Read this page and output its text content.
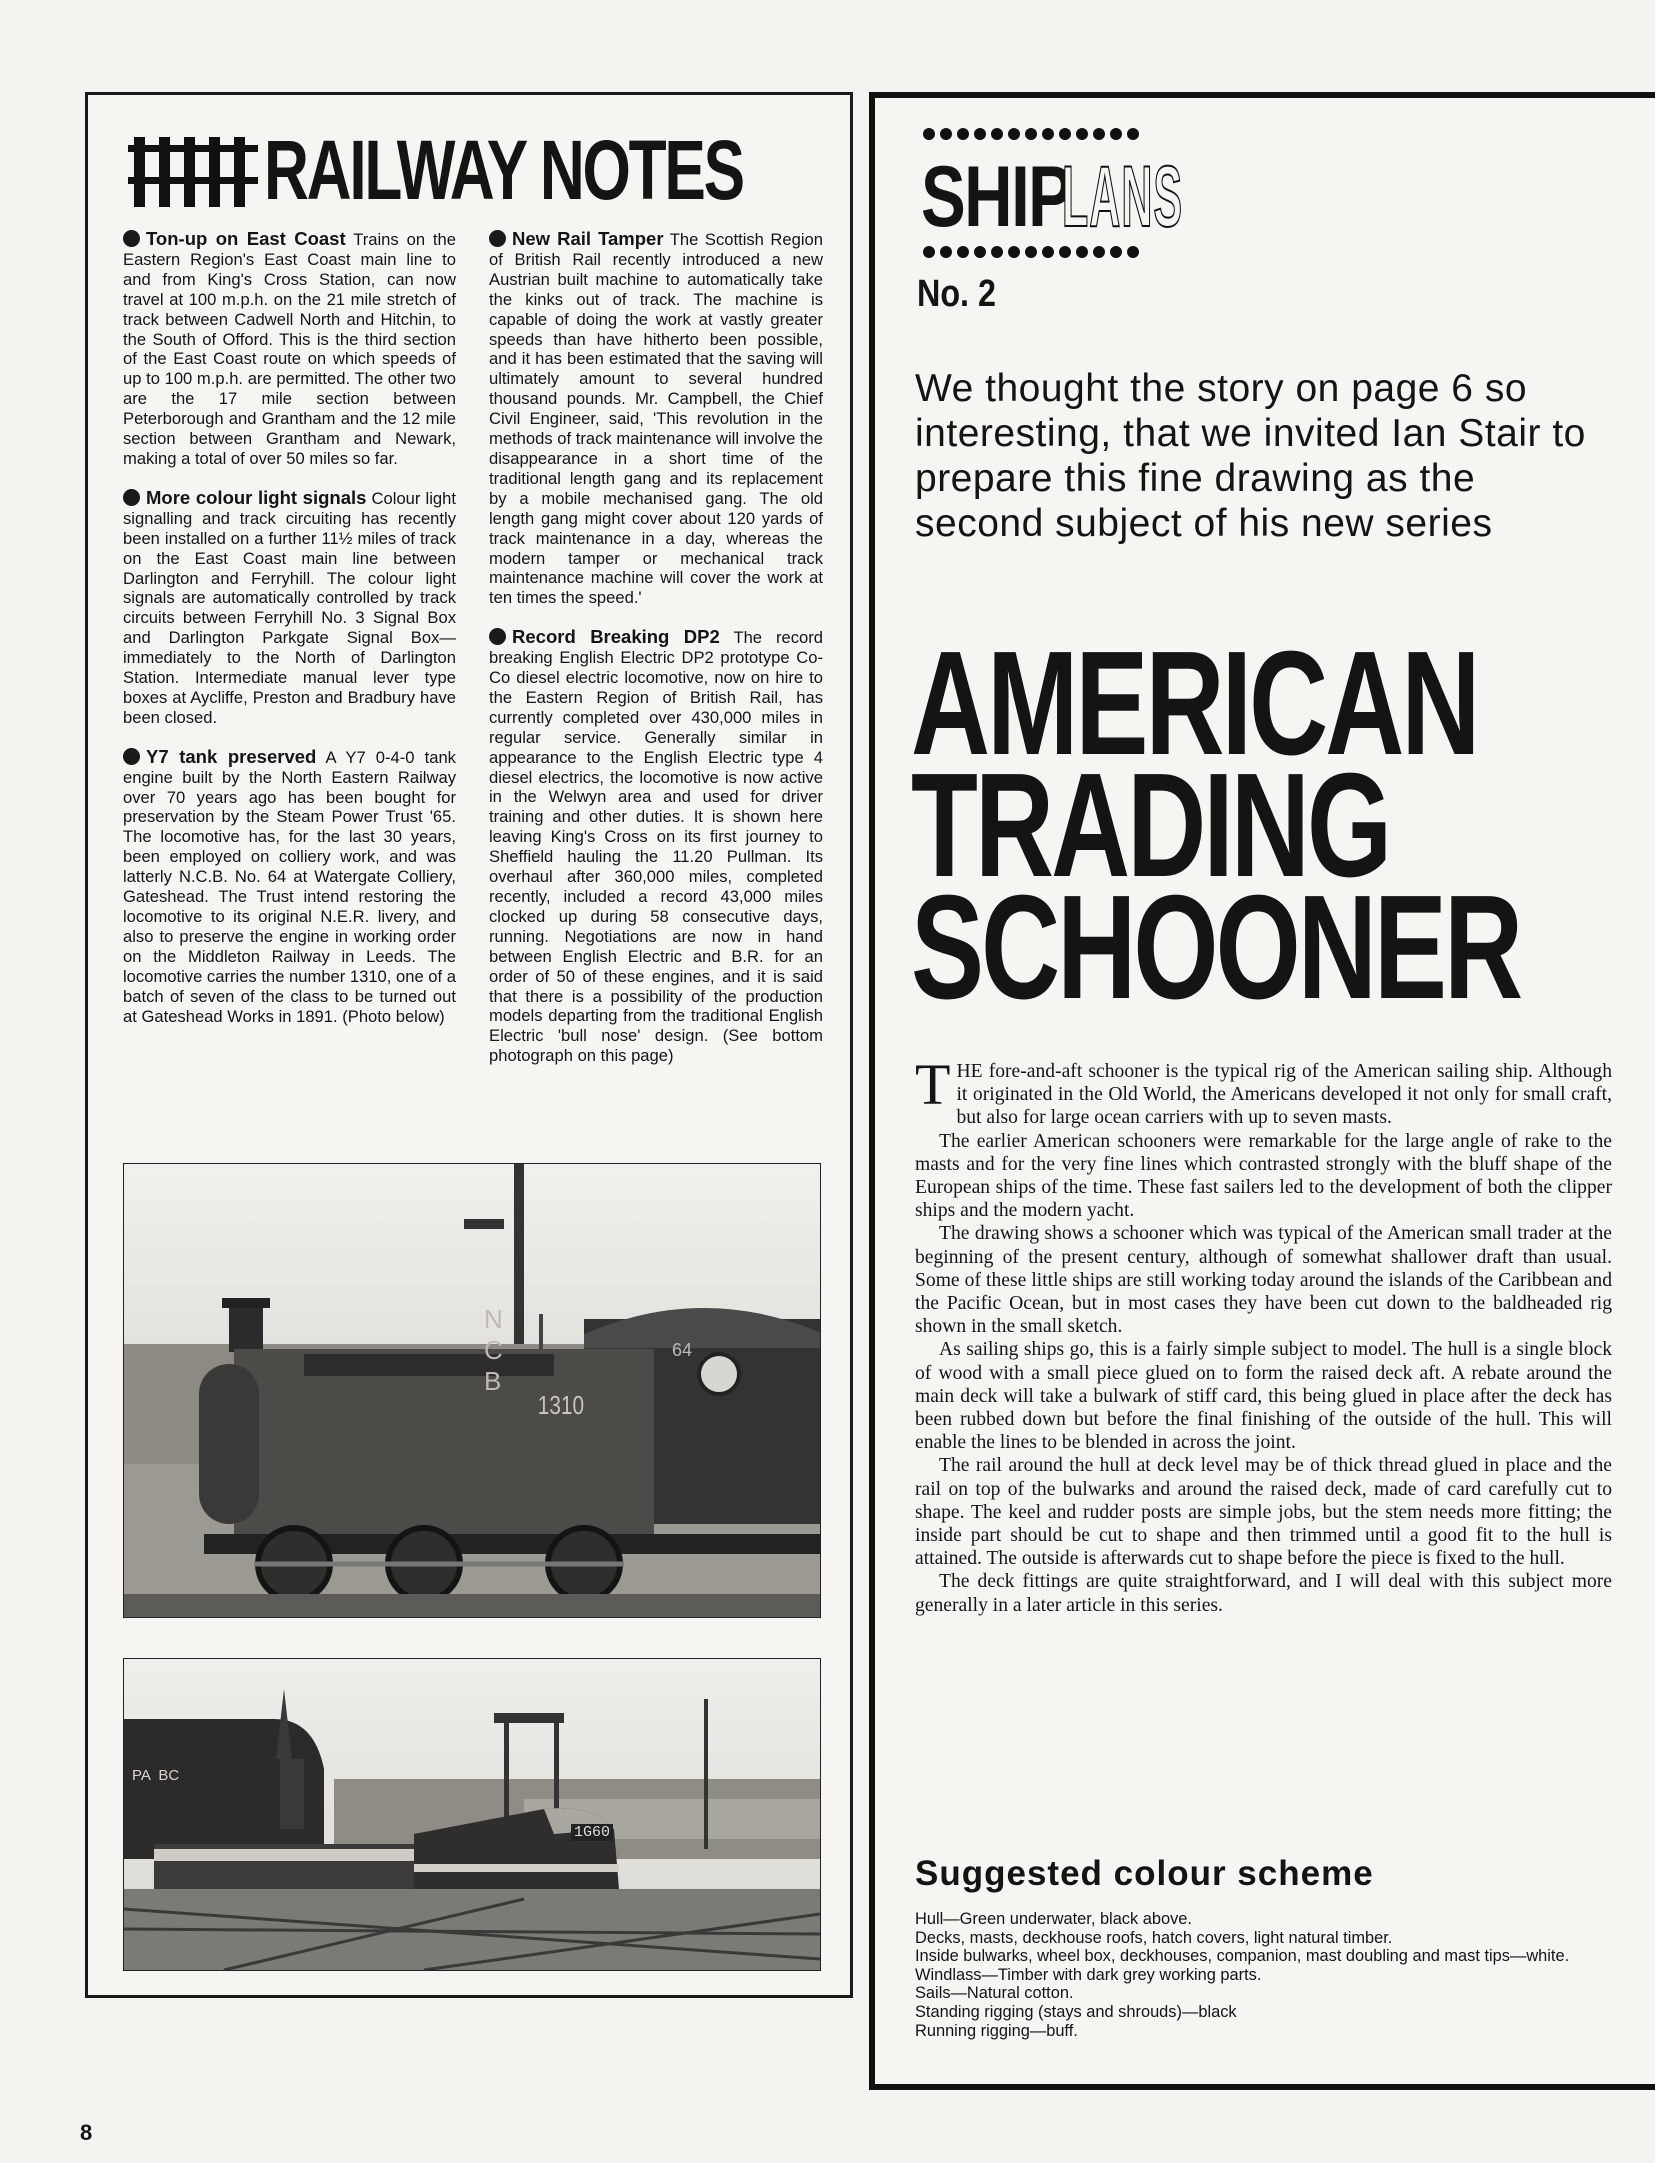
RAILWAY NOTES

Ton-up on East Coast Trains on the Eastern Region's East Coast main line to and from King's Cross Station, can now travel at 100 m.p.h. on the 21 mile stretch of track between Cadwell North and Hitchin, to the South of Offord. This is the third section of the East Coast route on which speeds of up to 100 m.p.h. are permitted. The other two are the 17 mile section between Peterborough and Grantham and the 12 mile section between Grantham and Newark, making a total of over 50 miles so far.

More colour light signals Colour light signalling and track circuiting has recently been installed on a further 11½ miles of track on the East Coast main line between Darlington and Ferryhill. The colour light signals are automatically controlled by track circuits between Ferryhill No. 3 Signal Box and Darlington Parkgate Signal Box—immediately to the North of Darlington Station. Intermediate manual lever type boxes at Aycliffe, Preston and Bradbury have been closed.

Y7 tank preserved A Y7 0-4-0 tank engine built by the North Eastern Railway over 70 years ago has been bought for preservation by the Steam Power Trust '65. The locomotive has, for the last 30 years, been employed on colliery work, and was latterly N.C.B. No. 64 at Watergate Colliery, Gateshead. The Trust intend restoring the locomotive to its original N.E.R. livery, and also to preserve the engine in working order on the Middleton Railway in Leeds. The locomotive carries the number 1310, one of a batch of seven of the class to be turned out at Gateshead Works in 1891. (Photo below)

New Rail Tamper The Scottish Region of British Rail recently introduced a new Austrian built machine to automatically take the kinks out of track. The machine is capable of doing the work at vastly greater speeds than have hitherto been possible, and it has been estimated that the saving will ultimately amount to several hundred thousand pounds. Mr. Campbell, the Chief Civil Engineer, said, 'This revolution in the methods of track maintenance will involve the disappearance in a short time of the traditional length gang and its replacement by a mobile mechanised gang. The old length gang might cover about 120 yards of track maintenance in a day, whereas the modern tamper or mechanical track maintenance machine will cover the work at ten times the speed.'

Record Breaking DP2 The record breaking English Electric DP2 prototype Co-Co diesel electric locomotive, now on hire to the Eastern Region of British Rail, has currently completed over 430,000 miles in regular service. Generally similar in appearance to the English Electric type 4 diesel electrics, the locomotive is now active in the Welwyn area and used for driver training and other duties. It is shown here leaving King's Cross on its first journey to Sheffield hauling the 11.20 Pullman. Its overhaul after 360,000 miles, completed recently, included a record 43,000 miles clocked up during 58 consecutive days, running. Negotiations are now in hand between English Electric and B.R. for an order of 50 of these engines, and it is said that there is a possibility of the production models departing from the traditional English Electric 'bull nose' design. (See bottom photograph on this page)

N C B
1310
64
1G60
PA  BC
8
SHIP
LANS
No. 2
We thought the story on page 6 so interesting, that we invited Ian Stair to prepare this fine drawing as the second subject of his new series
AMERICAN
TRADING
SCHOONER

THE fore-and-aft schooner is the typical rig of the American sailing ship. Although it originated in the Old World, the Americans developed it not only for small craft, but also for large ocean carriers with up to seven masts.

The earlier American schooners were remarkable for the large angle of rake to the masts and for the very fine lines which contrasted strongly with the bluff shape of the European ships of the time. These fast sailers led to the development of both the clipper ships and the modern yacht.

The drawing shows a schooner which was typical of the American small trader at the beginning of the present century, although of somewhat shallower draft than usual. Some of these little ships are still working today around the islands of the Caribbean and the Pacific Ocean, but in most cases they have been cut down to the baldheaded rig shown in the small sketch.

As sailing ships go, this is a fairly simple subject to model. The hull is a single block of wood with a small piece glued on to form the raised deck aft. A rebate around the main deck will take a bulwark of stiff card, this being glued in place after the deck has been rubbed down but before the final finishing of the outside of the hull. This will enable the lines to be blended in across the joint.

The rail around the hull at deck level may be of thick thread glued in place and the rail on top of the bulwarks and around the raised deck, made of card carefully cut to shape. The keel and rudder posts are simple jobs, but the stem needs more fitting; the inside part should be cut to shape and then trimmed until a good fit to the hull is attained. The outside is afterwards cut to shape before the piece is fixed to the hull.

The deck fittings are quite straightforward, and I will deal with this subject more generally in a later article in this series.

Suggested colour scheme
Hull—Green underwater, black above.
Decks, masts, deckhouse roofs, hatch covers, light natural timber.
Inside bulwarks, wheel box, deckhouses, companion, mast doubling and mast tips—white.
Windlass—Timber with dark grey working parts.
Sails—Natural cotton.
Standing rigging (stays and shrouds)—black
Running rigging—buff.
